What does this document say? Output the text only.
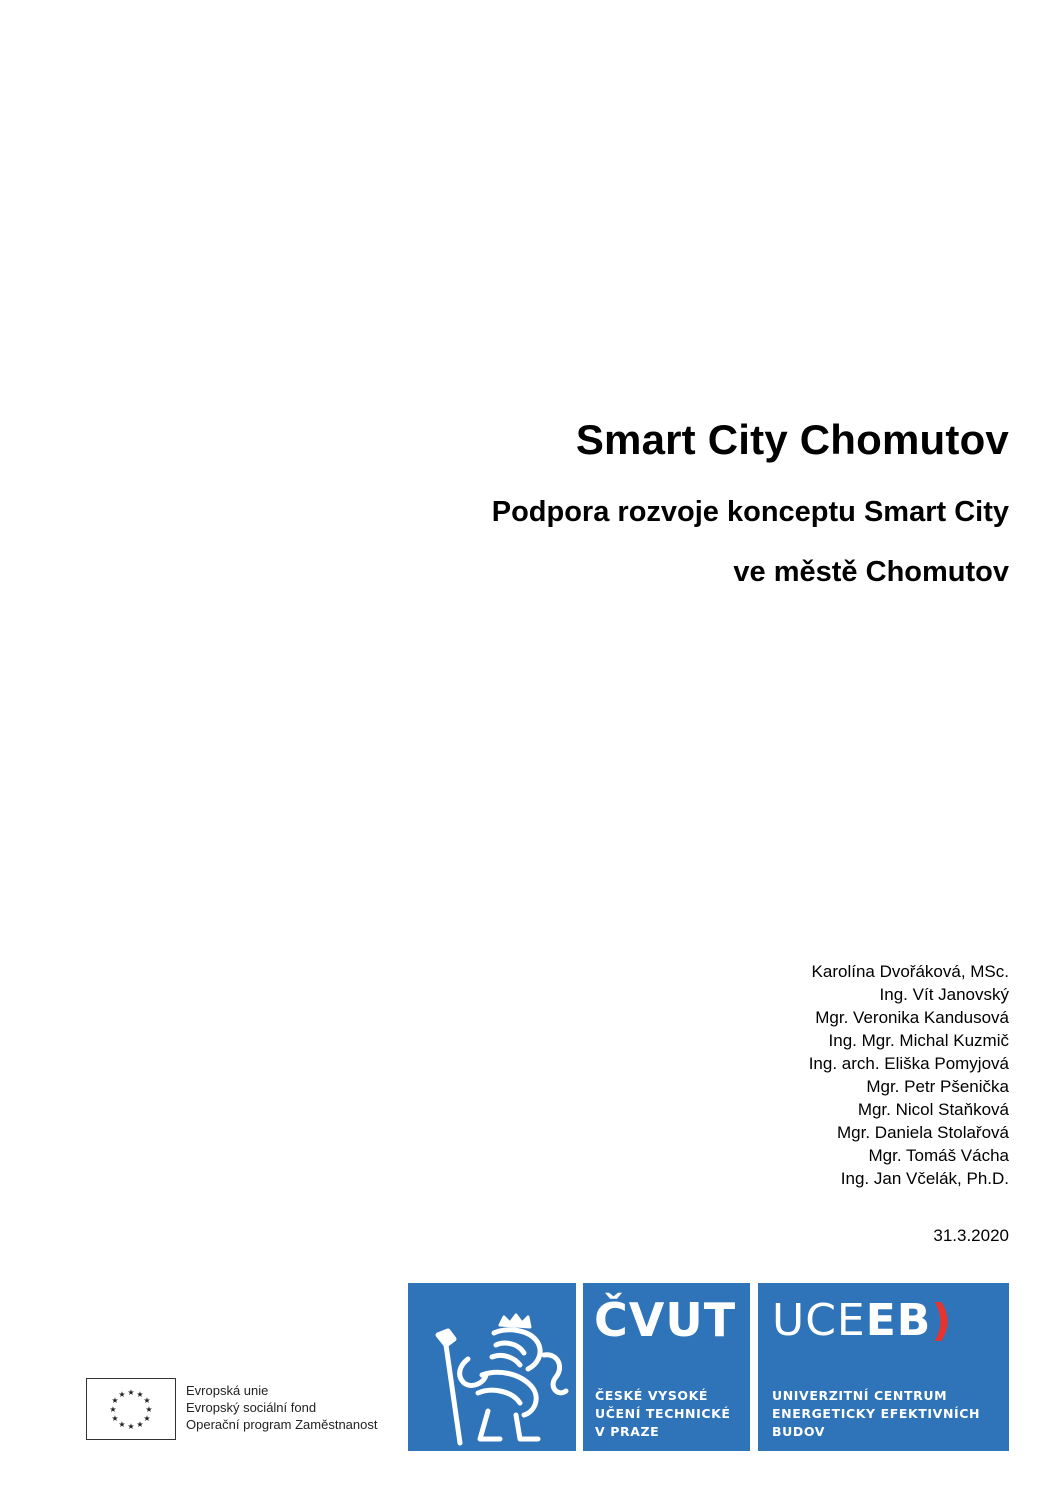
Smart City Chomutov
Podpora rozvoje konceptu Smart City
ve městě Chomutov
Karolína Dvořáková, MSc.
Ing. Vít Janovský
Mgr. Veronika Kandusová
Ing. Mgr. Michal Kuzmič
Ing. arch. Eliška Pomyjová
Mgr. Petr Pšenička
Mgr. Nicol Staňková
Mgr. Daniela Stolařová
Mgr. Tomáš Vácha
Ing. Jan Včelák, Ph.D.
31.3.2020
★ ★
★
★
★
★
★
★
★
★
★
★	Evropská unie
Evropský sociální fond
Operační program Zaměstnanost
ČVUT
ČESKÉ VYSOKÉ
UČENÍ TECHNICKÉ
V PRAZE
UCEEB)
UNIVERZITNÍ CENTRUM
ENERGETICKY EFEKTIVNÍCH
BUDOV
